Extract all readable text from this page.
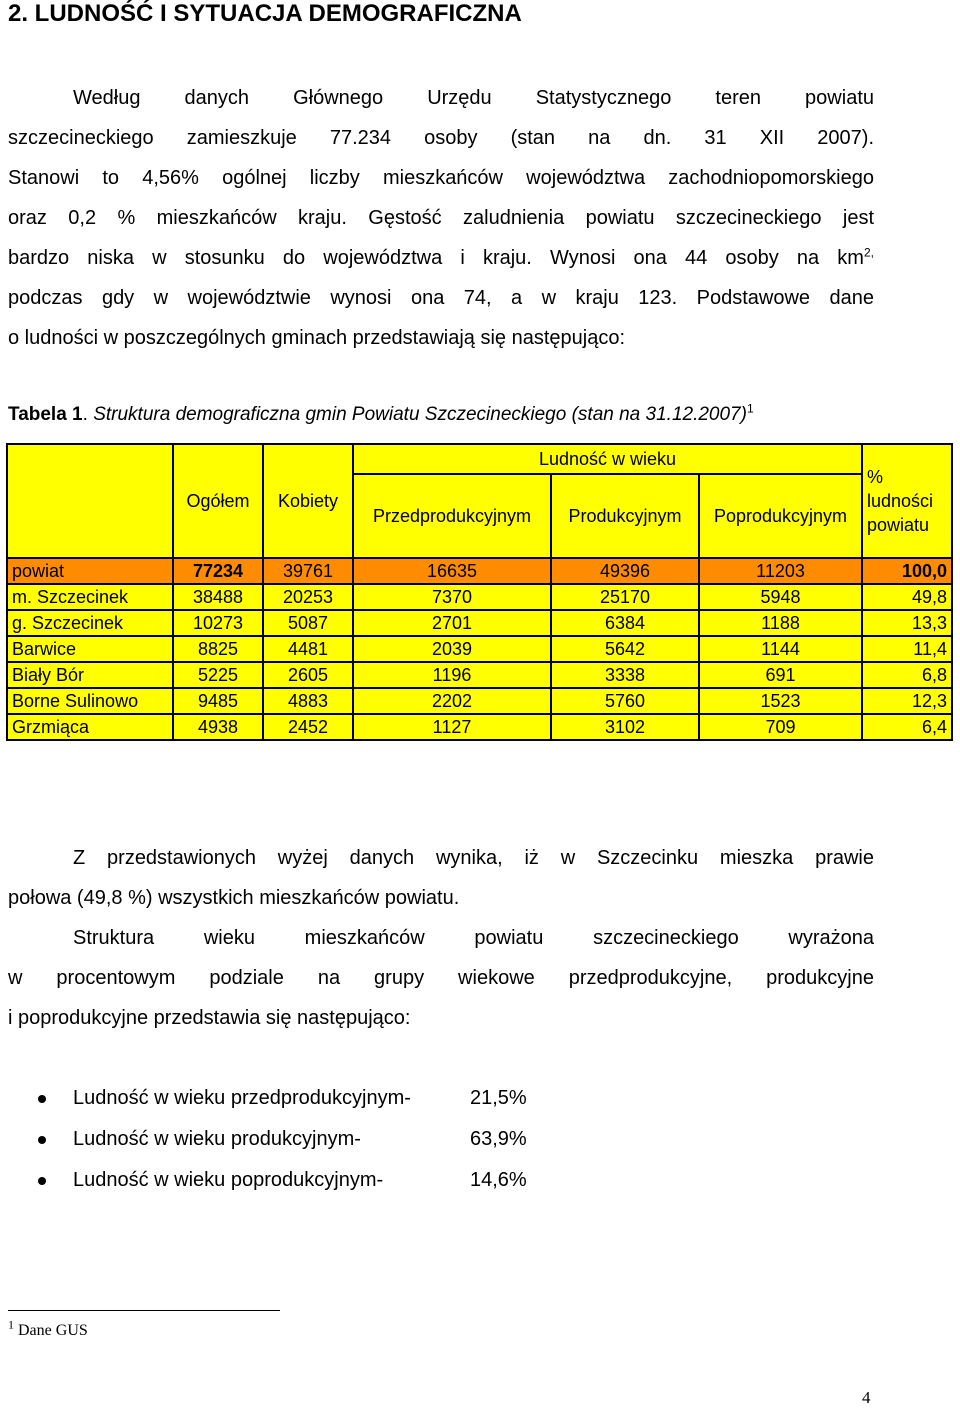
2. LUDNOŚĆ I SYTUACJA DEMOGRAFICZNA
Według danych Głównego Urzędu Statystycznego teren powiatu
szczecineckiego zamieszkuje 77.234 osoby (stan na dn. 31 XII 2007).
Stanowi to 4,56% ogólnej liczby mieszkańców województwa zachodniopomorskiego
oraz 0,2 % mieszkańców kraju. Gęstość zaludnienia powiatu szczecineckiego jest
bardzo niska w stosunku do województwa i kraju. Wynosi ona 44 osoby na $km^{2,}$
podczas gdy w województwie wynosi ona 74, a w kraju 123. Podstawowe dane
o ludności w poszczególnych gminach przedstawiają się następująco:

Tabela 1. Struktura demograficzna gmin Powiatu Szczecineckiego (stan na 31.12.2007)$^1$

	Ogółem	Kobiety	Ludność w wieku			%
ludności
powiatu
			Przedprodukcyjnym	Produkcyjnym	Poprodukcyjnym	
powiat	77234	39761	16635	49396	11203	100,0
m. Szczecinek	38488	20253	7370	25170	5948	49,8
g. Szczecinek	10273	5087	2701	6384	1188	13,3
Barwice	8825	4481	2039	5642	1144	11,4
Biały Bór	5225	2605	1196	3338	691	6,8
Borne Sulinowo	9485	4883	2202	5760	1523	12,3
Grzmiąca	4938	2452	1127	3102	709	6,4
Z przedstawionych wyżej danych wynika, iż w Szczecinku mieszka prawie
połowa (49,8 %) wszystkich mieszkańców powiatu.
Struktura wieku mieszkańców powiatu szczecineckiego wyrażona
w procentowym podziale na grupy wiekowe przedprodukcyjne, produkcyjne
i poprodukcyjne przedstawia się następująco:
Ludność w wieku przedprodukcyjnym-	21,5%
Ludność w wieku produkcyjnym-	63,9%
Ludność w wieku poprodukcyjnym-	14,6%
$^1$ Dane GUS
4
